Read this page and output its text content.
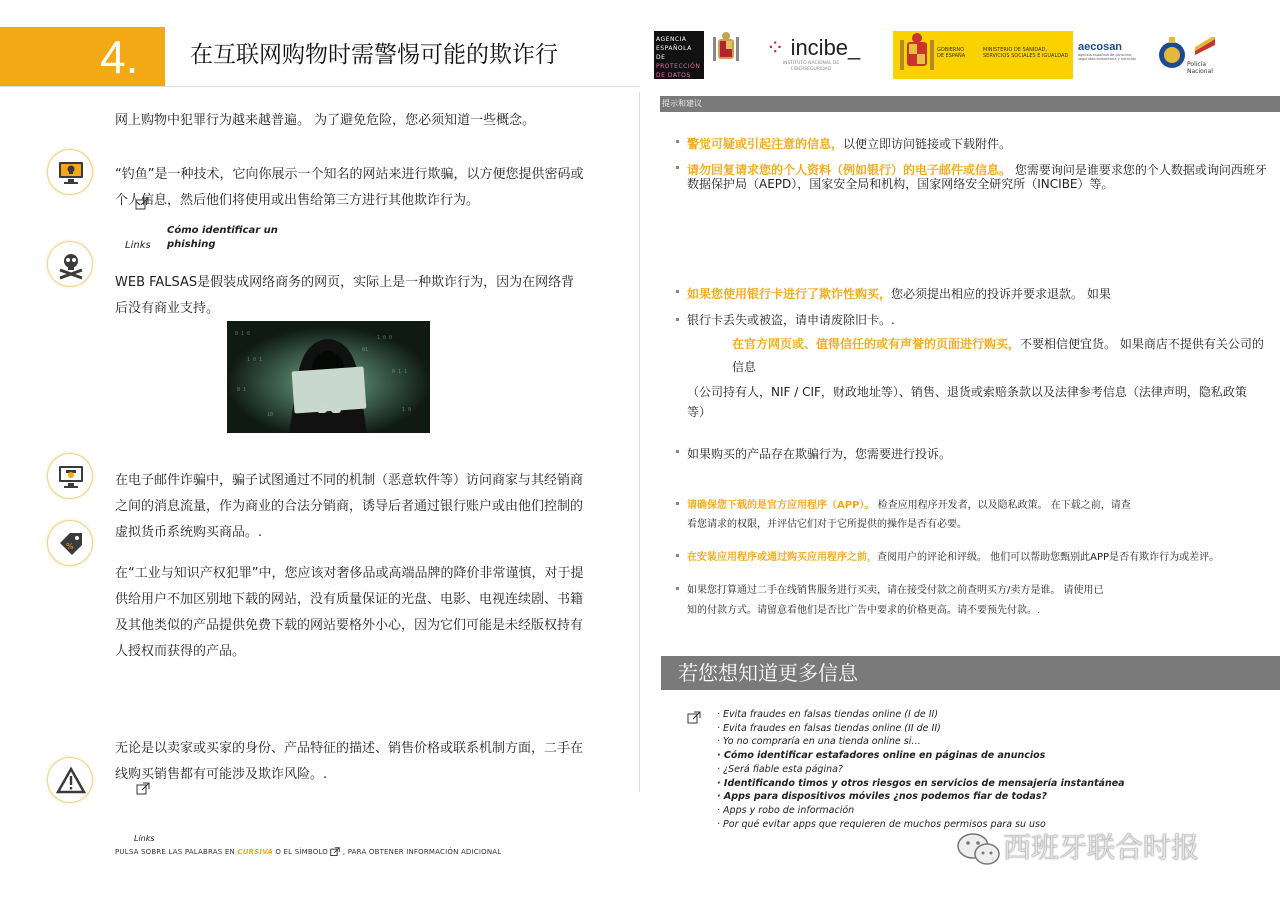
4. 在互联网购物时需警惕可能的欺诈行
AGENCIA
ESPAÑOLA DE
PROTECCIÓN
DE DATOS
⁘ incibe_
INSTITUTO NACIONAL DE CIBERSEGURIDAD
GOBIERNO DE ESPAÑA
MINISTERIO DE SANIDAD, SERVICIOS SOCIALES E IGUALDAD
aecosan
agencia española de consumo, seguridad alimentaria y nutrición
Policía Nacional
网上购物中犯罪行为越来越普遍。 为了避免危险，您必须知道一些概念。
“钓鱼”是一种技术，它向你展示一个知名的网站来进行欺骗，以方便您提供密码或
个人信息，然后他们将使用或出售给第三方进行其他欺诈行为。
Links
Cómo identificar un
phishing
WEB FALSAS是假装成网络商务的网页，实际上是一种欺诈行为，因为在网络背
后没有商业支持。
0 1 0
1 0 1
0 1
1 0 0
0 1 1
1 0
01
10
在电子邮件诈骗中，骗子试图通过不同的机制（恶意软件等）访问商家与其经销商
之间的消息流量，作为商业的合法分销商，诱导后者通过银行账户或由他们控制的
虚拟货币系统购买商品。.
%
在“工业与知识产权犯罪”中，您应该对奢侈品或高端品牌的降价非常谨慎，对于提
供给用户不加区别地下载的网站，没有质量保证的光盘、电影、电视连续剧、书籍
及其他类似的产品提供免费下载的网站要格外小心，因为它们可能是未经版权持有
人授权而获得的产品。
无论是以卖家或买家的身份、产品特征的描述、销售价格或联系机制方面，二手在
线购买销售都有可能涉及欺诈风险。.
Links
PULSA SOBRE LAS PALABRAS EN CURSIVA O EL SÍMBOLO  , PARA OBTENER INFORMACIÓN ADICIONAL
提示和建议
警觉可疑或引起注意的信息，以便立即访问链接或下载附件。
请勿回复请求您的个人资料（例如银行）的电子邮件或信息。 您需要询问是谁要求您的个人数据或询问西班牙
数据保护局（AEPD），国家安全局和机构，国家网络安全研究所（INCIBE）等。
如果您使用银行卡进行了欺诈性购买，您必须提出相应的投诉并要求退款。 如果
银行卡丢失或被盗，请申请废除旧卡。.
在官方网页或、值得信任的或有声誉的页面进行购买，不要相信便宜货。 如果商店不提供有关公司的
信息
（公司持有人，NIF / CIF，财政地址等）、销售、退货或索赔条款以及法律参考信息（法律声明，隐私政策
等）
如果购买的产品存在欺骗行为，您需要进行投诉。
请确保您下载的是官方应用程序（APP）。 检查应用程序开发者，以及隐私政策。 在下载之前，请查
看您请求的权限，并评估它们对于它所提供的操作是否有必要。
在安装应用程序或通过购买应用程序之前，查阅用户的评论和评级。 他们可以帮助您甄别此APP是否有欺诈行为或差评。
如果您打算通过二手在线销售服务进行买卖，请在接受付款之前查明买方/卖方是谁。 请使用已
知的付款方式。请留意看他们是否比广告中要求的价格更高。请不要预先付款。.
若您想知道更多信息
· Evita fraudes en falsas tiendas online (I de II)
· Evita fraudes en falsas tiendas online (II de II)
· Yo no compraría en una tienda online si…
· Cómo identificar estafadores online en páginas de anuncios
· ¿Será fiable esta página?
· Identificando timos y otros riesgos en servicios de mensajería instantánea
· Apps para dispositivos móviles ¿nos podemos fiar de todas?
· Apps y robo de información
· Por qué evitar apps que requieren de muchos permisos para su uso
西班牙联合时报
